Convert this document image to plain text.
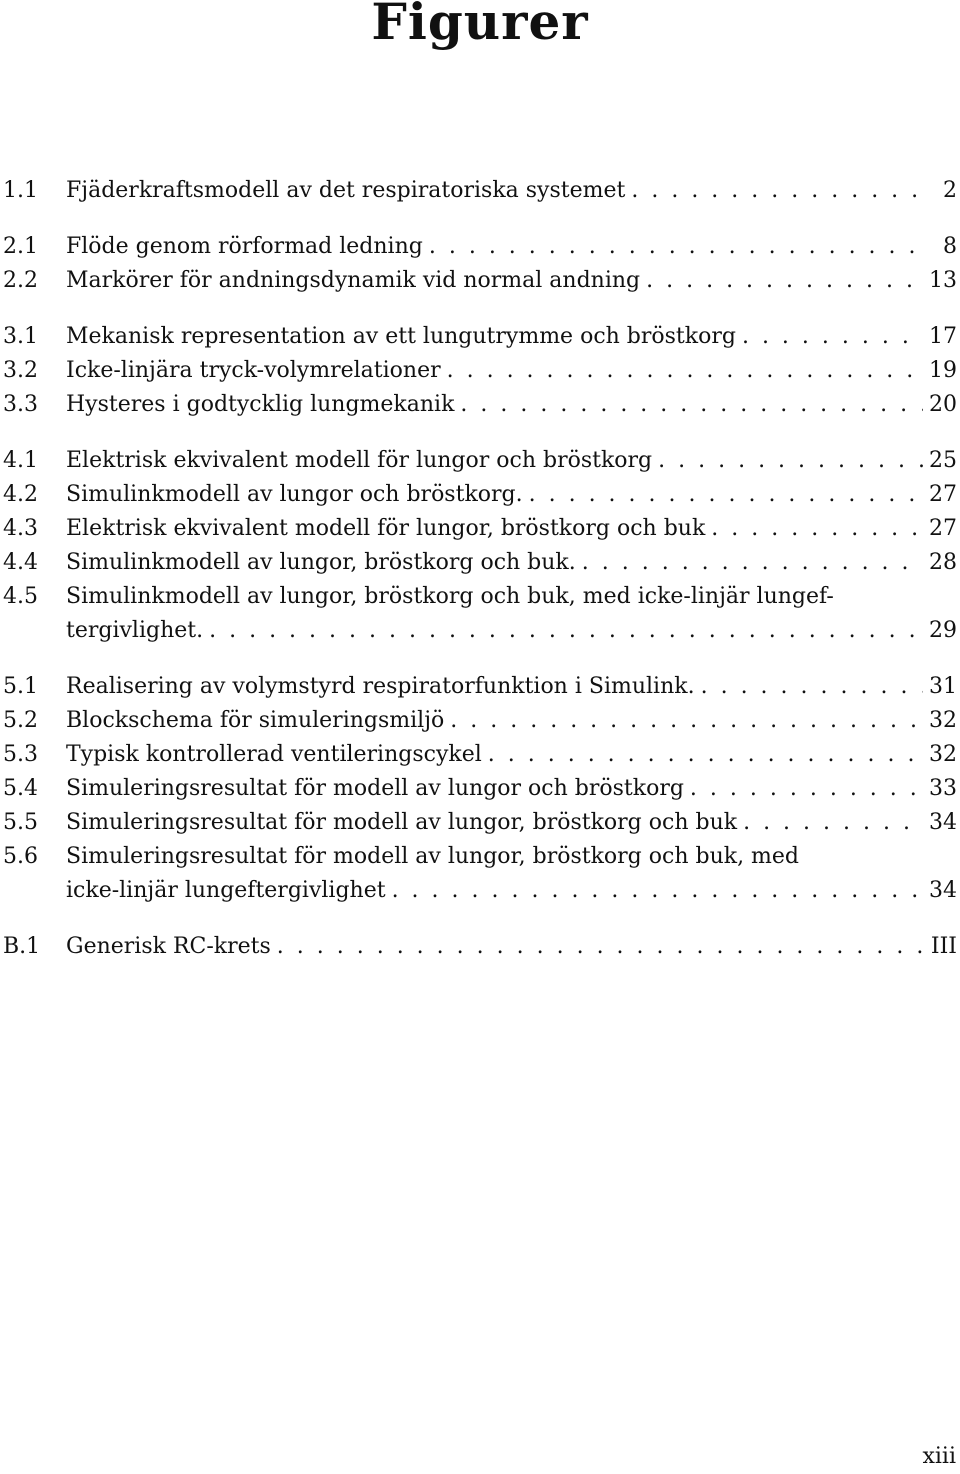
Figurer
1.1 Fjäderkraftsmodell av det respiratoriska systemet . . .	2
2.1 Flöde genom rörformad ledning . . .	8
2.2 Markörer för andningsdynamik vid normal andning . . .	13
3.1 Mekanisk representation av ett lungutrymme och bröstkorg . . .	17
3.2 Icke-linjära tryck-volymrelationer . . .	19
3.3 Hysteres i godtycklig lungmekanik . . .	20
4.1 Elektrisk ekvivalent modell för lungor och bröstkorg . . .	25
4.2 Simulinkmodell av lungor och bröstkorg. . . .	27
4.3 Elektrisk ekvivalent modell för lungor, bröstkorg och buk . . .	27
4.4 Simulinkmodell av lungor, bröstkorg och buk. . . .	28
4.5 Simulinkmodell av lungor, bröstkorg och buk, med icke-linjär lungef-
tergivlighet. . . .	29
5.1 Realisering av volymstyrd respiratorfunktion i Simulink. . . .	31
5.2 Blockschema för simuleringsmiljö . . .	32
5.3 Typisk kontrollerad ventileringscykel . . .	32
5.4 Simuleringsresultat för modell av lungor och bröstkorg . . .	33
5.5 Simuleringsresultat för modell av lungor, bröstkorg och buk . . .	34
5.6 Simuleringsresultat för modell av lungor, bröstkorg och buk, med
icke-linjär lungeftergivlighet . . .	34
B.1 Generisk RC-krets . . .	III
xiii
